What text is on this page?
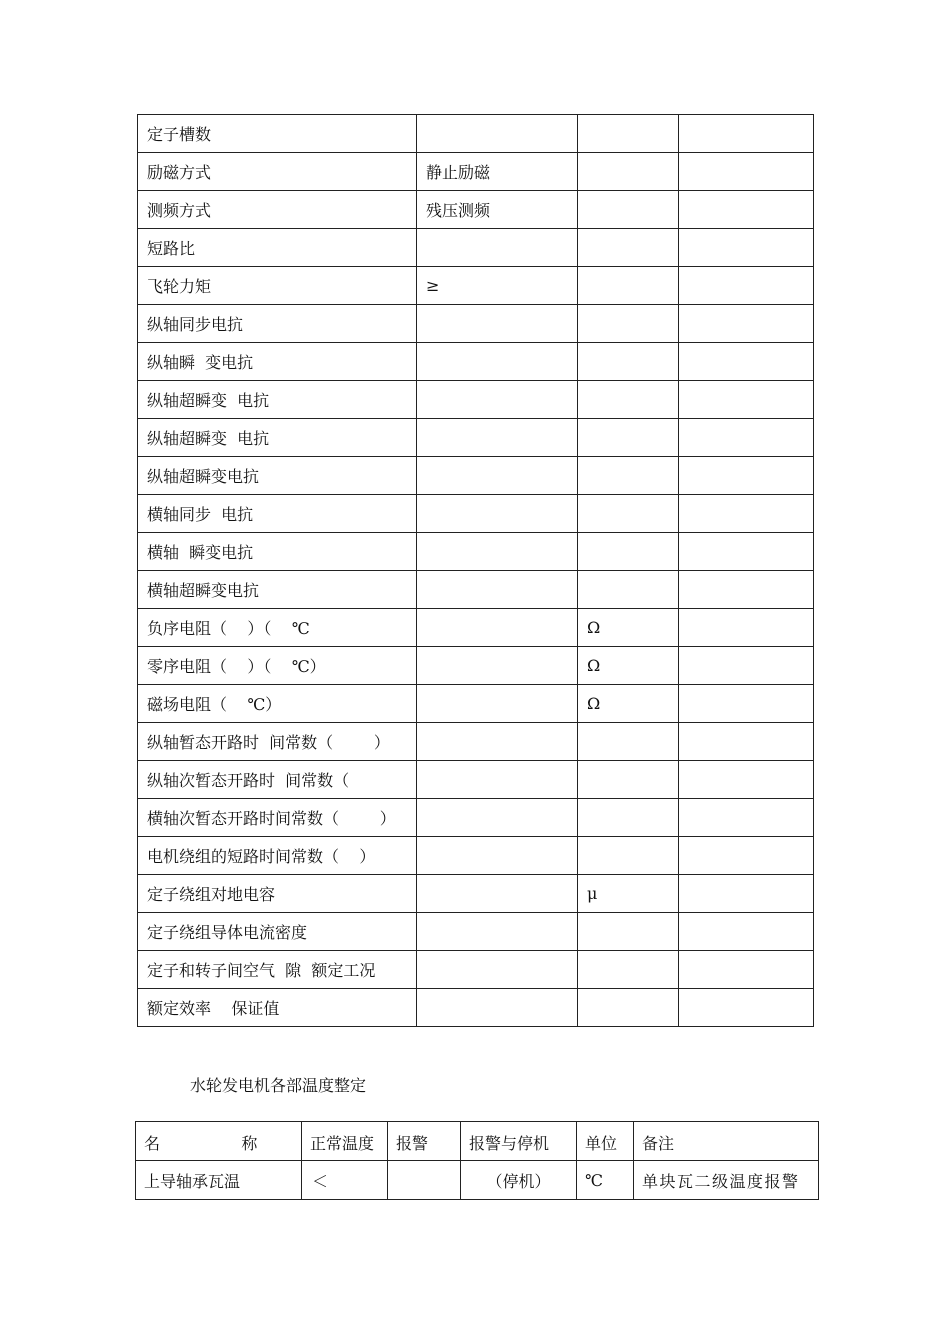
定子槽数			
励磁方式	静止励磁		
测频方式	残压测频		
短路比			
飞轮力矩	≥		
纵轴同步电抗			
纵轴瞬  变电抗			
纵轴超瞬变  电抗			
纵轴超瞬变  电抗			
纵轴超瞬变电抗			
横轴同步  电抗			
横轴  瞬变电抗			
横轴超瞬变电抗			
负序电阻（    ）（    ℃		Ω	
零序电阻（    ）（    ℃）		Ω	
磁场电阻（    ℃）		Ω	
纵轴暂态开路时  间常数（        ）			
纵轴次暂态开路时  间常数（			
横轴次暂态开路时间常数（        ）			
电机绕组的短路时间常数（    ）			
定子绕组对地电容		μ	
定子绕组导体电流密度			
定子和转子间空气  隙  额定工况			
额定效率    保证值			
水轮发电机各部温度整定
名                称	正常温度	报警	报警与停机	单位	备注
上导轴承瓦温	＜		（停机）	℃	单块瓦二级温度报警
